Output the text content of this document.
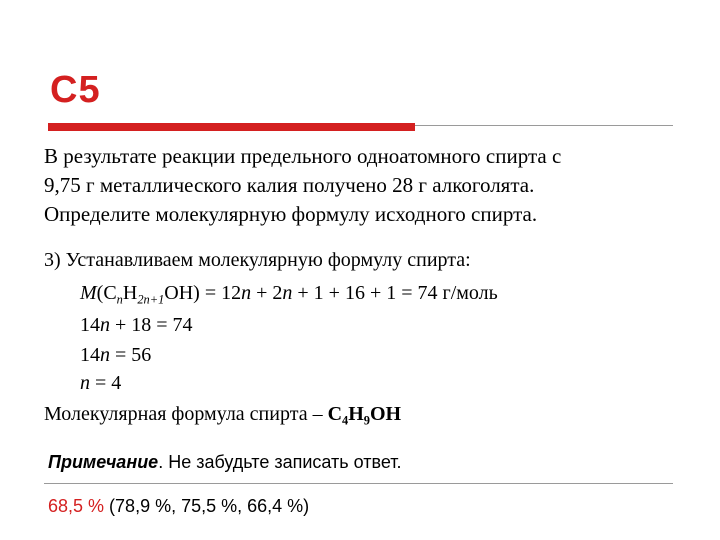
С5
В результате реакции предельного одноатомного спирта с
9,75 г металлического калия получено 28 г алкоголята.
Определите молекулярную формулу исходного спирта.
3) Устанавливаем молекулярную формулу спирта:
$M(C_nH_{2n+1}OH) = 12n + 2n + 1 + 16 + 1 = 74$ г/моль
14n + 18 = 74
14n = 56
n = 4
Молекулярная формула спирта – $C_4H_9OH$
Примечание. Не забудьте записать ответ.
68,5 % (78,9 %, 75,5 %, 66,4 %)
